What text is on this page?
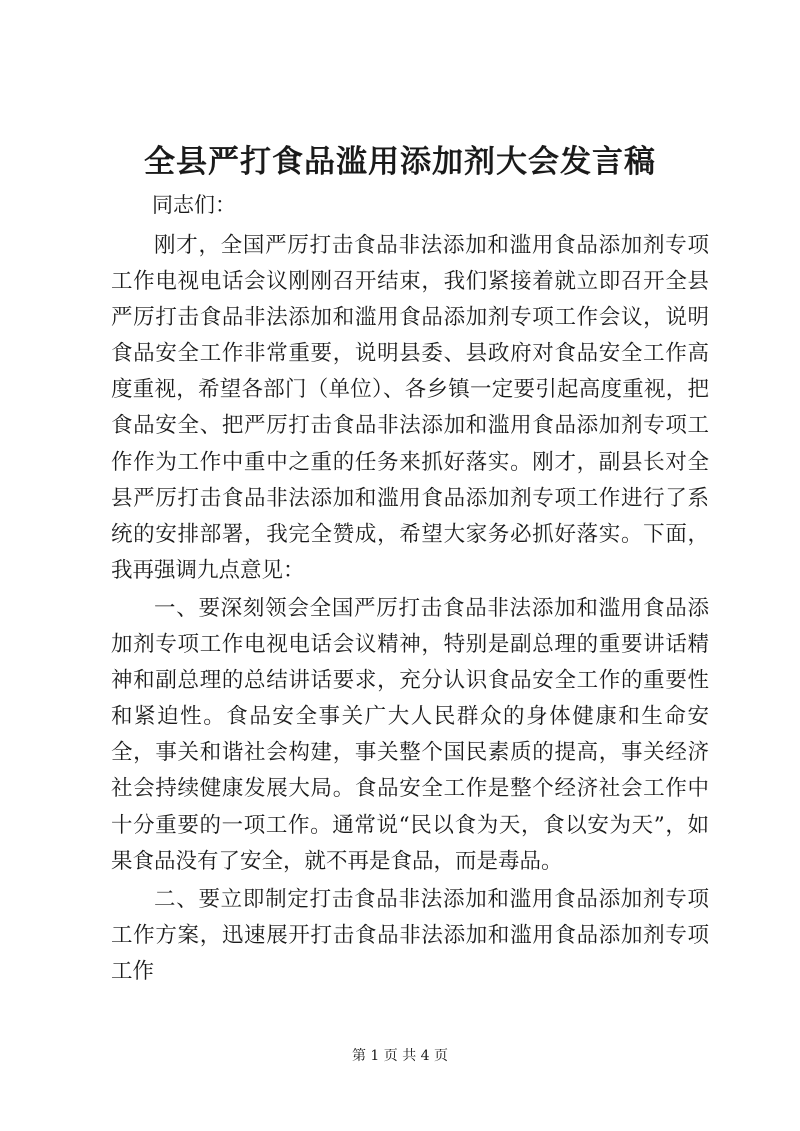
全县严打食品滥用添加剂大会发言稿
同志们：

刚才，全国严厉打击食品非法添加和滥用食品添加剂专项工作电视电话会议刚刚召开结束，我们紧接着就立即召开全县严厉打击食品非法添加和滥用食品添加剂专项工作会议，说明食品安全工作非常重要，说明县委、县政府对食品安全工作高度重视，希望各部门（单位）、各乡镇一定要引起高度重视，把食品安全、把严厉打击食品非法添加和滥用食品添加剂专项工作作为工作中重中之重的任务来抓好落实。刚才，副县长对全县严厉打击食品非法添加和滥用食品添加剂专项工作进行了系统的安排部署，我完全赞成，希望大家务必抓好落实。下面，我再强调九点意见：

一、要深刻领会全国严厉打击食品非法添加和滥用食品添加剂专项工作电视电话会议精神，特别是副总理的重要讲话精神和副总理的总结讲话要求，充分认识食品安全工作的重要性和紧迫性。食品安全事关广大人民群众的身体健康和生命安全，事关和谐社会构建，事关整个国民素质的提高，事关经济社会持续健康发展大局。食品安全工作是整个经济社会工作中十分重要的一项工作。通常说“民以食为天，食以安为天”，如果食品没有了安全，就不再是食品，而是毒品。

二、要立即制定打击食品非法添加和滥用食品添加剂专项工作方案，迅速展开打击食品非法添加和滥用食品添加剂专项工作

第 1 页 共 4 页
